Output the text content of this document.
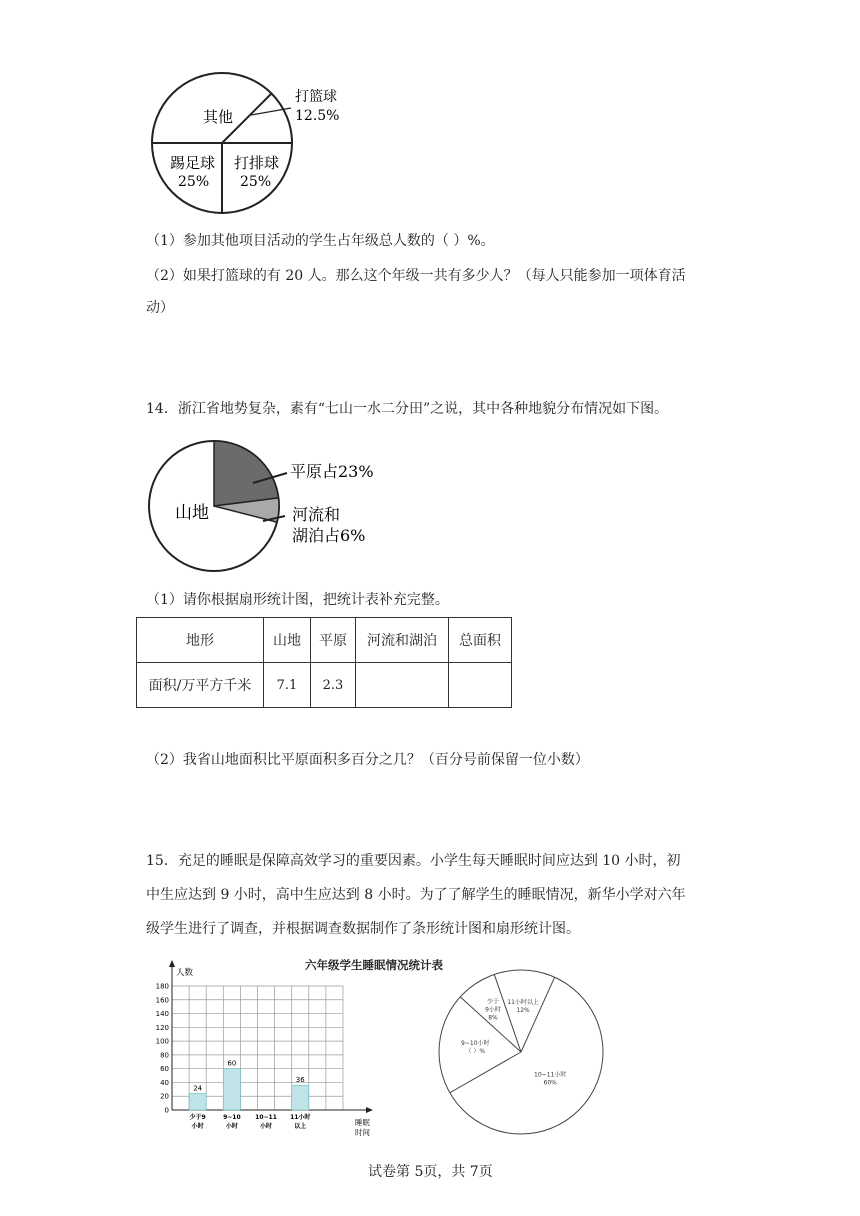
其他
打篮球
12.5%
打排球
25%
踢足球
25%
（1）参加其他项目活动的学生占年级总人数的（ ）%。
（2）如果打篮球的有 20 人。那么这个年级一共有多少人？（每人只能参加一项体育活
动）
14．浙江省地势复杂，素有“七山一水二分田”之说，其中各种地貌分布情况如下图。
山地
平原占23%
河流和
湖泊占6%
（1）请你根据扇形统计图，把统计表补充完整。
地形	山地	平原	河流和湖泊	总面积
面积/万平方千米	7.1	2.3		
（2）我省山地面积比平原面积多百分之几？（百分号前保留一位小数）
15．充足的睡眠是保障高效学习的重要因素。小学生每天睡眠时间应达到 10 小时，初
中生应达到 9 小时，高中生应达到 8 小时。为了了解学生的睡眠情况，新华小学对六年
级学生进行了调查，并根据调查数据制作了条形统计图和扇形统计图。
六年级学生睡眠情况统计表
0
20
40
60
80
100
120
140
160
180
人数
睡眠
时间
24
少于9
小时
60
9~10
小时
10~11
小时
36
11小时
以上
11小时以上
12%
10~11小时
60%
9~10小时
（ ）%
少于
9小时
8%
试卷第 5页，共 7页
